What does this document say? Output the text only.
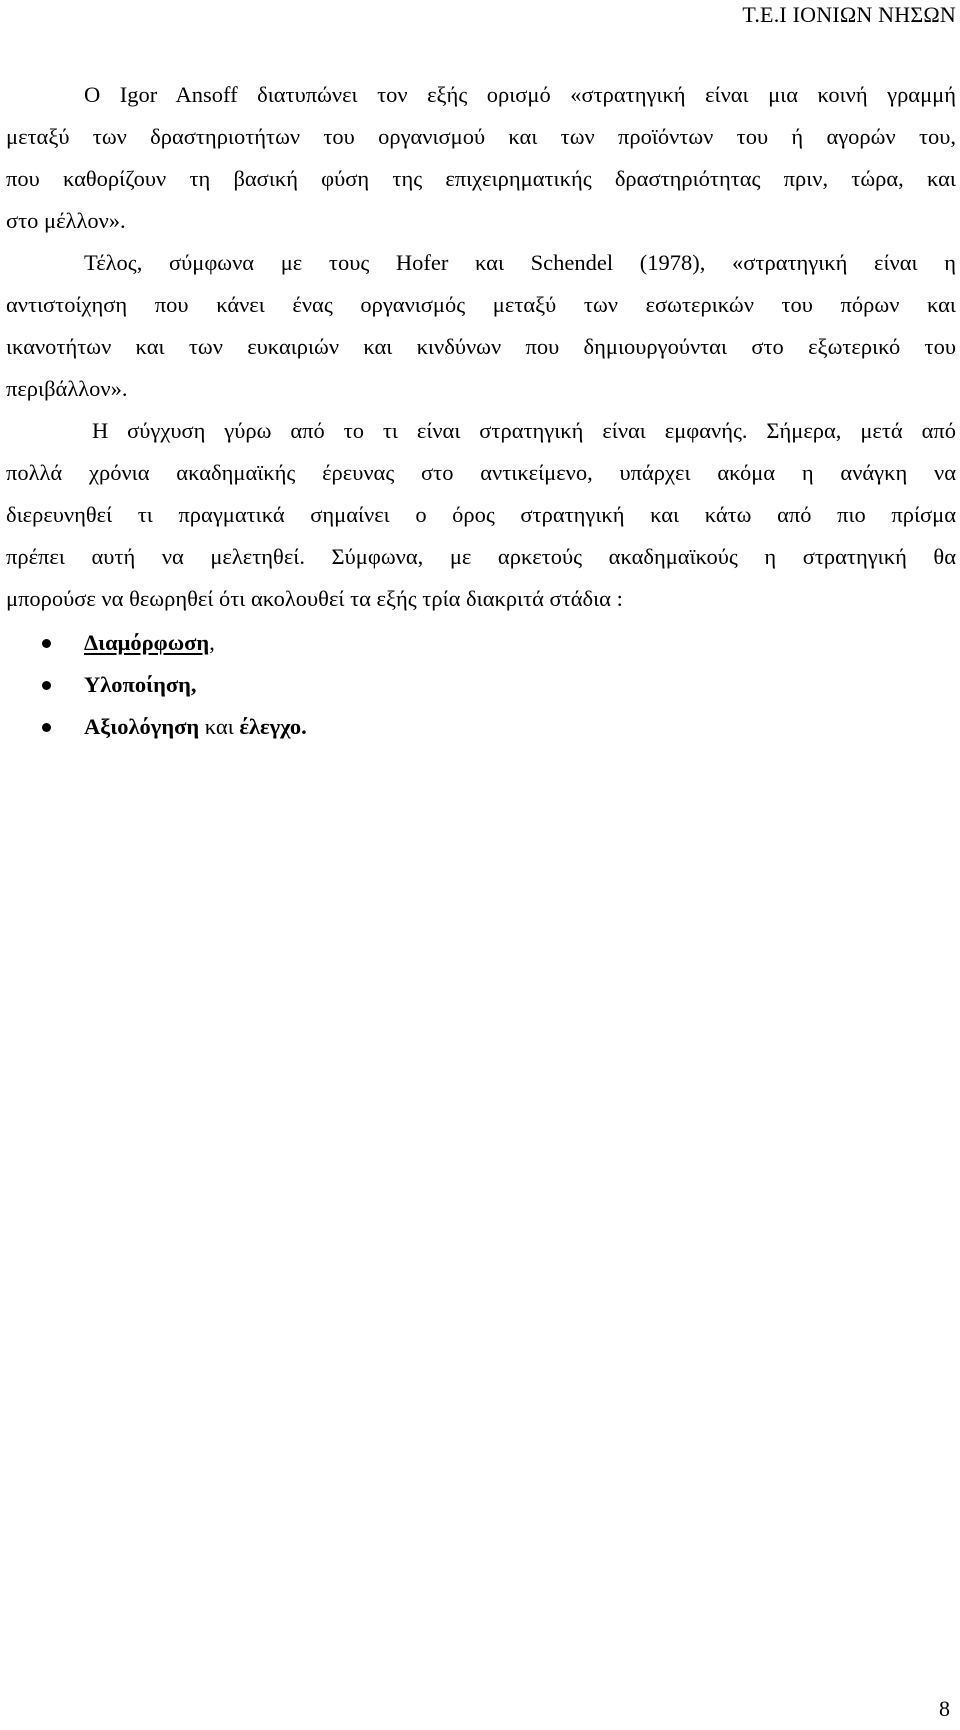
Τ.Ε.Ι ΙΟΝΙΩΝ ΝΗΣΩΝ

Ο Igor Ansoff διατυπώνει τον εξής ορισμό «στρατηγική είναι μια κοινή γραμμή
μεταξύ των δραστηριοτήτων του οργανισμού και των προϊόντων του ή αγορών του,
που καθορίζουν τη βασική φύση της επιχειρηματικής δραστηριότητας πριν, τώρα, και
στο μέλλον».

Τέλος, σύμφωνα με τους Hofer και Schendel (1978), «στρατηγική είναι η
αντιστοίχηση που κάνει ένας οργανισμός μεταξύ των εσωτερικών του πόρων και
ικανοτήτων και των ευκαιριών και κινδύνων που δημιουργούνται στο εξωτερικό του
περιβάλλον».

Η σύγχυση γύρω από το τι είναι στρατηγική είναι εμφανής. Σήμερα, μετά από
πολλά χρόνια ακαδημαϊκής έρευνας στο αντικείμενο, υπάρχει ακόμα η ανάγκη να
διερευνηθεί τι πραγματικά σημαίνει ο όρος στρατηγική και κάτω από πιο πρίσμα
πρέπει αυτή να μελετηθεί. Σύμφωνα, με αρκετούς ακαδημαϊκούς η στρατηγική θα
μπορούσε να θεωρηθεί ότι ακολουθεί τα εξής τρία διακριτά στάδια :

Διαμόρφωση,
Υλοποίηση,
Αξιολόγηση και έλεγχο.
8
